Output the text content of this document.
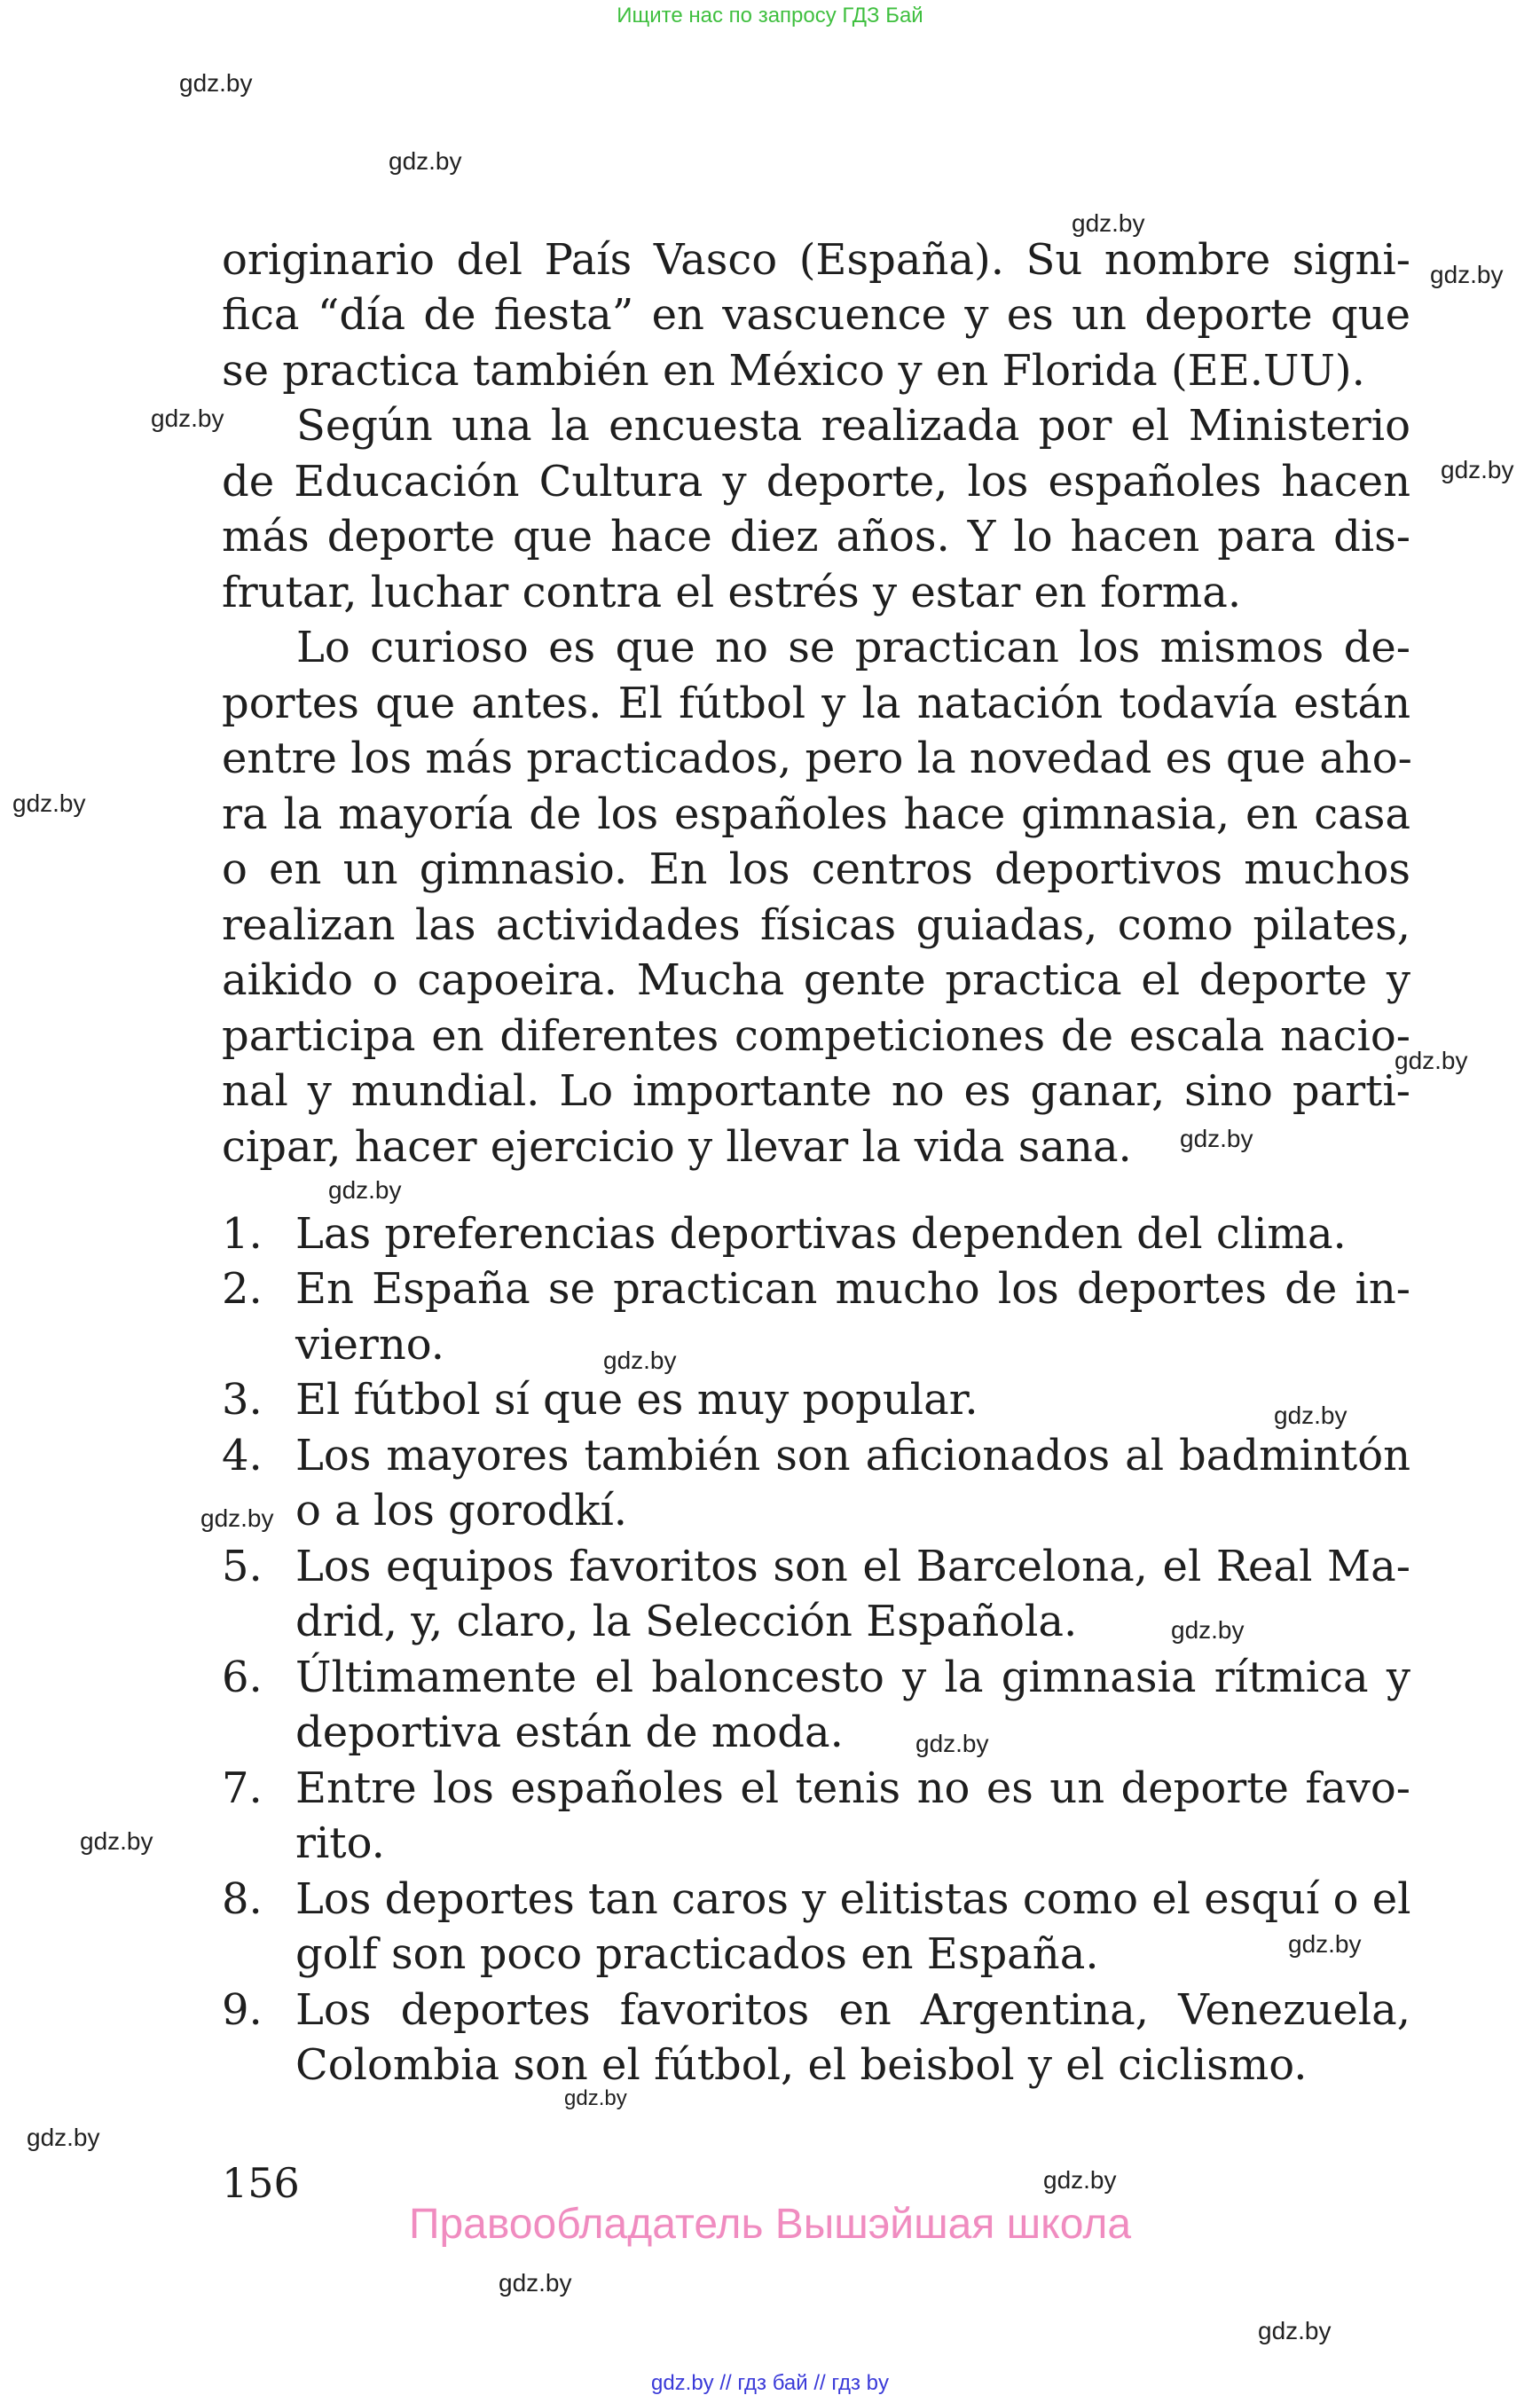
Ищите нас по запросу ГДЗ Бай
originario del País Vasco (España). Su nombre signi-
fica “día de fiesta” en vascuence y es un deporte que
se practica también en México y en Florida (EE.UU).
Según una la encuesta realizada por el Ministerio
de Educación Cultura y deporte, los españoles hacen
más deporte que hace diez años. Y lo hacen para dis-
frutar, luchar contra el estrés y estar en forma.
Lo curioso es que no se practican los mismos de-
portes que antes. El fútbol y la natación todavía están
entre los más practicados, pero la novedad es que aho-
ra la mayoría de los españoles hace gimnasia, en casa
o en un gimnasio. En los centros deportivos muchos
realizan las actividades físicas guiadas, como pilates,
aikido o capoeira. Mucha gente practica el deporte y
participa en diferentes competiciones de escala nacio-
nal y mundial. Lo importante no es ganar, sino parti-
cipar, hacer ejercicio y llevar la vida sana.
1. Las preferencias deportivas dependen del clima.
2. En España se practican mucho los deportes de in-
vierno.
3. El fútbol sí que es muy popular.
4. Los mayores también son aficionados al badmintón
o a los gorodkí.
5. Los equipos favoritos son el Barcelona, el Real Ma-
drid, y, claro, la Selección Española.
6. Últimamente el baloncesto y la gimnasia rítmica y
deportiva están de moda.
7. Entre los españoles el tenis no es un deporte favo-
rito.
8. Los deportes tan caros y elitistas como el esquí o el
golf son poco practicados en España.
9. Los deportes favoritos en Argentina, Venezuela,
Colombia son el fútbol, el beisbol y el ciclismo.
156
Правообладатель Вышэйшая школа
gdz.by
gdz.by
gdz.by
gdz.by
gdz.by
gdz.by
gdz.by
gdz.by
gdz.by
gdz.by
gdz.by
gdz.by
gdz.by
gdz.by
gdz.by
gdz.by
gdz.by
gdz.by
gdz.by
gdz.by
gdz.by
gdz.by
gdz.by // гдз бай // гдз by
